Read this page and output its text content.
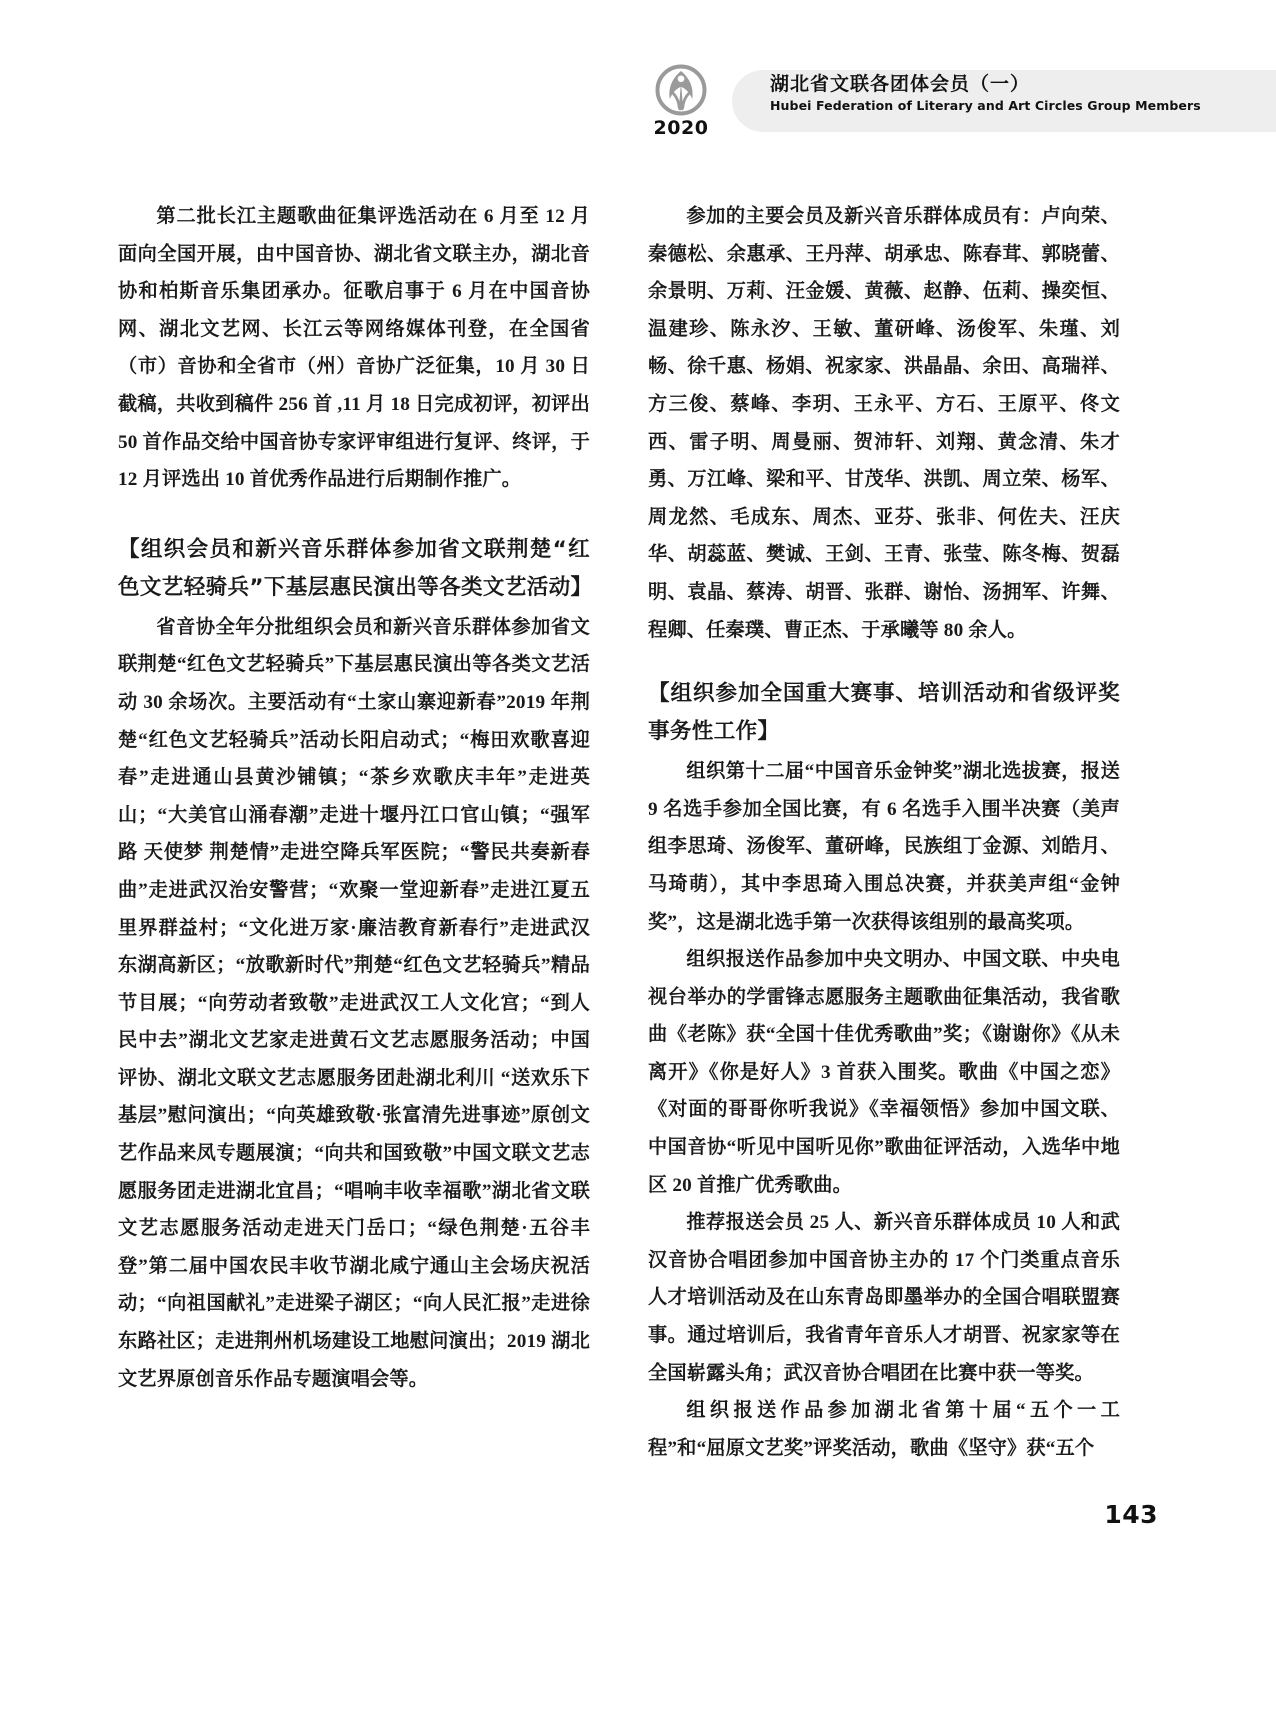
2020
湖北省文联各团体会员（一）
Hubei Federation of Literary and Art Circles Group Members

第二批长江主题歌曲征集评选活动在 6 月至 12 月面向全国开展，由中国音协、湖北省文联主办，湖北音协和柏斯音乐集团承办。征歌启事于 6 月在中国音协网、湖北文艺网、长江云等网络媒体刊登，在全国省（市）音协和全省市（州）音协广泛征集，10 月 30 日截稿，共收到稿件 256 首 ,11 月 18 日完成初评，初评出 50 首作品交给中国音协专家评审组进行复评、终评，于 12 月评选出 10 首优秀作品进行后期制作推广。

【组织会员和新兴音乐群体参加省文联荆楚“红色文艺轻骑兵”下基层惠民演出等各类文艺活动】

省音协全年分批组织会员和新兴音乐群体参加省文联荆楚“红色文艺轻骑兵”下基层惠民演出等各类文艺活动 30 余场次。主要活动有“土家山寨迎新春”2019 年荆楚“红色文艺轻骑兵”活动长阳启动式；“梅田欢歌喜迎春”走进通山县黄沙铺镇；“茶乡欢歌庆丰年”走进英山；“大美官山涌春潮”走进十堰丹江口官山镇；“强军路 天使梦 荆楚情”走进空降兵军医院；“警民共奏新春曲”走进武汉治安警营；“欢聚一堂迎新春”走进江夏五里界群益村；“文化进万家·廉洁教育新春行”走进武汉东湖高新区；“放歌新时代”荆楚“红色文艺轻骑兵”精品节目展；“向劳动者致敬”走进武汉工人文化宫；“到人民中去”湖北文艺家走进黄石文艺志愿服务活动；中国评协、湖北文联文艺志愿服务团赴湖北利川 “送欢乐下基层”慰问演出；“向英雄致敬·张富清先进事迹”原创文艺作品来凤专题展演；“向共和国致敬”中国文联文艺志愿服务团走进湖北宜昌；“唱响丰收幸福歌”湖北省文联文艺志愿服务活动走进天门岳口；“绿色荆楚·五谷丰登”第二届中国农民丰收节湖北咸宁通山主会场庆祝活动；“向祖国献礼”走进梁子湖区；“向人民汇报”走进徐东路社区；走进荆州机场建设工地慰问演出；2019 湖北文艺界原创音乐作品专题演唱会等。

参加的主要会员及新兴音乐群体成员有：卢向荣、秦德松、余惠承、王丹萍、胡承忠、陈春茸、郭晓蕾、余景明、万莉、汪金媛、黄薇、赵静、伍莉、操奕恒、温建珍、陈永汐、王敏、董研峰、汤俊军、朱瑾、刘畅、徐千惠、杨娟、祝家家、洪晶晶、余田、高瑞祥、方三俊、蔡峰、李玥、王永平、方石、王原平、佟文西、雷子明、周曼丽、贺沛轩、刘翔、黄念清、朱才勇、万江峰、梁和平、甘茂华、洪凯、周立荣、杨军、周龙然、毛成东、周杰、亚芬、张非、何佐夫、汪庆华、胡蕊蓝、樊诚、王剑、王青、张莹、陈冬梅、贺磊明、袁晶、蔡涛、胡晋、张群、谢怡、汤拥军、许舞、程卿、任秦璞、曹正杰、于承曦等 80 余人。

【组织参加全国重大赛事、培训活动和省级评奖事务性工作】

组织第十二届“中国音乐金钟奖”湖北选拔赛，报送 9 名选手参加全国比赛，有 6 名选手入围半决赛（美声组李思琦、汤俊军、董研峰，民族组丁金源、刘皓月、马琦萌），其中李思琦入围总决赛，并获美声组“金钟奖”，这是湖北选手第一次获得该组别的最高奖项。

组织报送作品参加中央文明办、中国文联、中央电视台举办的学雷锋志愿服务主题歌曲征集活动，我省歌曲《老陈》获“全国十佳优秀歌曲”奖；《谢谢你》《从未离开》《你是好人》3 首获入围奖。歌曲《中国之恋》《对面的哥哥你听我说》《幸福领悟》参加中国文联、中国音协“听见中国听见你”歌曲征评活动，入选华中地区 20 首推广优秀歌曲。

推荐报送会员 25 人、新兴音乐群体成员 10 人和武汉音协合唱团参加中国音协主办的 17 个门类重点音乐人才培训活动及在山东青岛即墨举办的全国合唱联盟赛事。通过培训后，我省青年音乐人才胡晋、祝家家等在全国崭露头角；武汉音协合唱团在比赛中获一等奖。

组织报送作品参加湖北省第十届“五个一工程”和“屈原文艺奖”评奖活动，歌曲《坚守》获“五个

143
